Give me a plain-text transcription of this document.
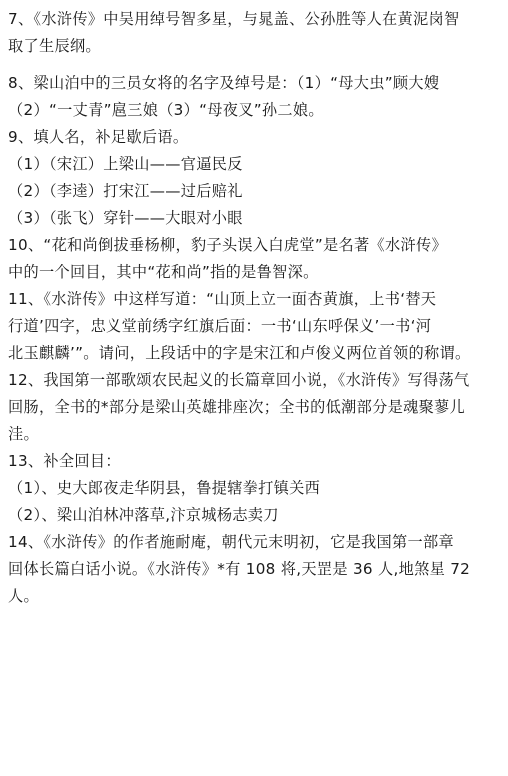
7、《水浒传》中吴用绰号智多星，与晁盖、公孙胜等人在黄泥岗智
取了生辰纲。
8、梁山泊中的三员女将的名字及绰号是：（1）“母大虫”顾大嫂
（2）“一丈青”扈三娘（3）“母夜叉”孙二娘。
9、填人名，补足歇后语。
（1）（宋江）上梁山——官逼民反
（2）（李逵）打宋江——过后赔礼
（3）（张飞）穿针——大眼对小眼
10、“花和尚倒拔垂杨柳，豹子头误入白虎堂”是名著《水浒传》
中的一个回目，其中“花和尚”指的是鲁智深。
11、《水浒传》中这样写道：“山顶上立一面杏黄旗，上书‘替天
行道’四字，忠义堂前绣字红旗后面：一书‘山东呼保义’一书‘河
北玉麒麟’”。请问，上段话中的字是宋江和卢俊义两位首领的称谓。
12、我国第一部歌颂农民起义的长篇章回小说，《水浒传》写得荡气
回肠，全书的*部分是梁山英雄排座次；全书的低潮部分是魂聚蓼儿
洼。
13、补全回目：
（1）、史大郎夜走华阴县，鲁提辖拳打镇关西
（2）、梁山泊林冲落草,汴京城杨志卖刀
14、《水浒传》的作者施耐庵，朝代元末明初，它是我国第一部章
回体长篇白话小说。《水浒传》*有 108 将,天罡是 36 人,地煞星 72
人。
